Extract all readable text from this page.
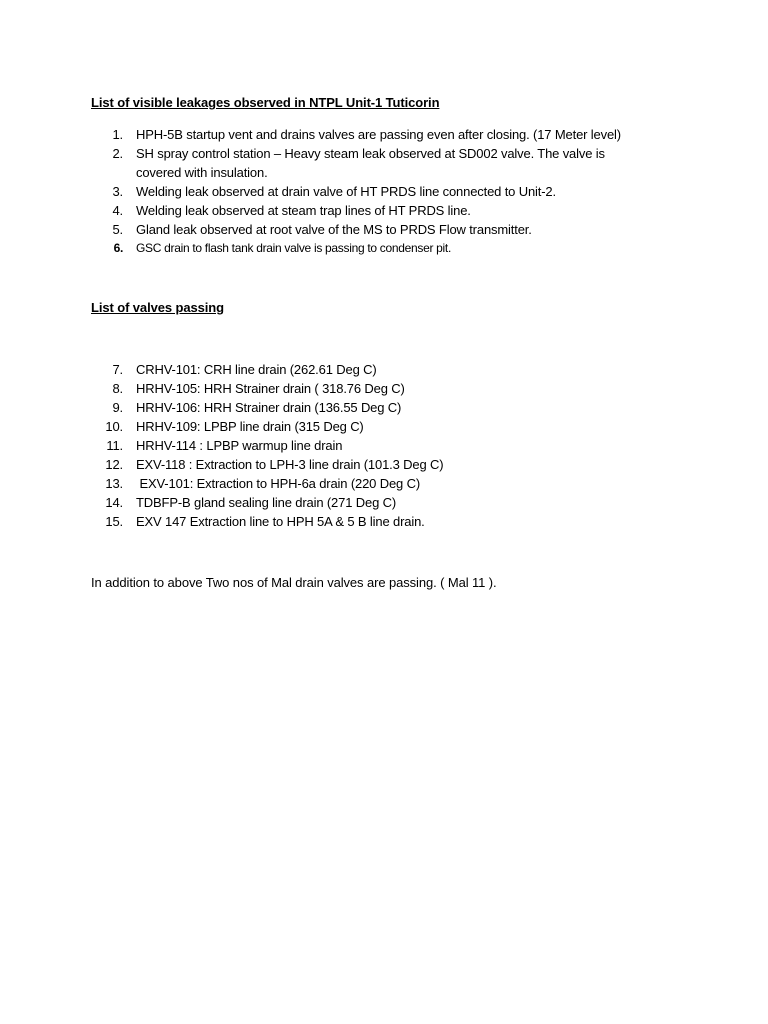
List of visible leakages observed in NTPL Unit-1 Tuticorin
1. HPH-5B startup vent and drains valves are passing even after closing. (17 Meter level)
2. SH spray control station – Heavy steam leak observed at SD002 valve. The valve is covered with insulation.
3. Welding leak observed at drain valve of HT PRDS line connected to Unit-2.
4. Welding leak observed at steam trap lines of HT PRDS line.
5. Gland leak observed at root valve of the MS to PRDS Flow transmitter.
6. GSC drain to flash tank drain valve is passing to condenser pit.
List of valves passing
7. CRHV-101: CRH line drain (262.61 Deg C)
8. HRHV-105: HRH Strainer drain ( 318.76 Deg C)
9. HRHV-106: HRH Strainer drain (136.55 Deg C)
10. HRHV-109: LPBP line drain (315 Deg C)
11. HRHV-114 : LPBP warmup line drain
12. EXV-118 : Extraction to LPH-3 line drain (101.3 Deg C)
13. EXV-101: Extraction to HPH-6a drain (220 Deg C)
14. TDBFP-B gland sealing line drain (271 Deg C)
15. EXV 147 Extraction line to HPH 5A & 5 B line drain.
In addition to above Two nos of Mal drain valves are passing. ( Mal 11 ).
